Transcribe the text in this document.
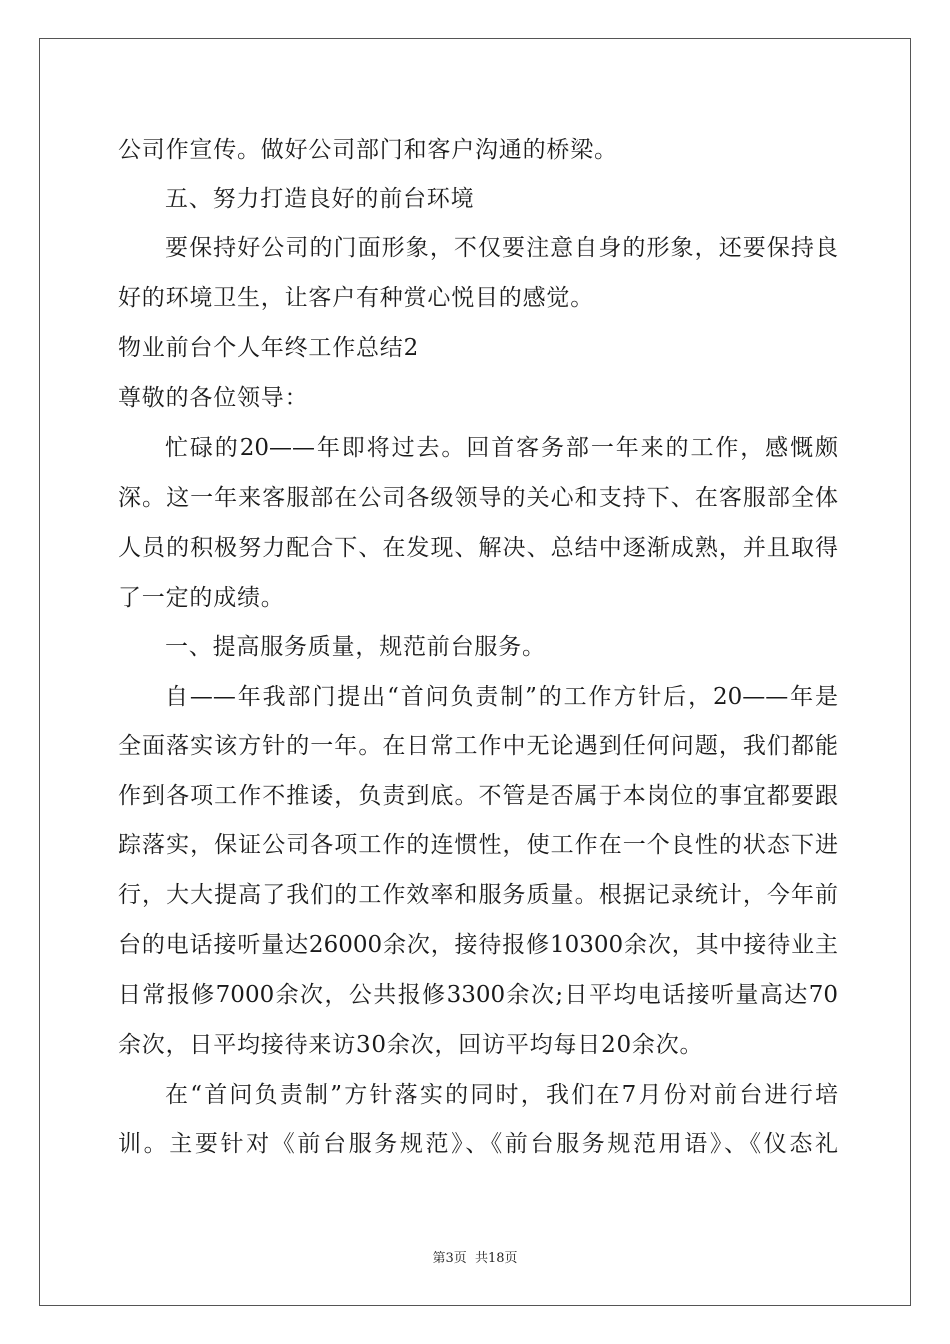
公司作宣传。做好公司部门和客户沟通的桥梁。
五、努力打造良好的前台环境
要保持好公司的门面形象，不仅要注意自身的形象，还要保持良
好的环境卫生，让客户有种赏心悦目的感觉。
物业前台个人年终工作总结2
尊敬的各位领导：
忙碌的20——年即将过去。回首客务部一年来的工作，感慨颇
深。这一年来客服部在公司各级领导的关心和支持下、在客服部全体
人员的积极努力配合下、在发现、解决、总结中逐渐成熟，并且取得
了一定的成绩。
一、提高服务质量，规范前台服务。
自——年我部门提出“首问负责制”的工作方针后，20——年是
全面落实该方针的一年。在日常工作中无论遇到任何问题，我们都能
作到各项工作不推诿，负责到底。不管是否属于本岗位的事宜都要跟
踪落实，保证公司各项工作的连惯性，使工作在一个良性的状态下进
行，大大提高了我们的工作效率和服务质量。根据记录统计，今年前
台的电话接听量达26000余次，接待报修10300余次，其中接待业主
日常报修7000余次，公共报修3300余次;日平均电话接听量高达70
余次，日平均接待来访30余次，回访平均每日20余次。
在“首问负责制”方针落实的同时，我们在7月份对前台进行培
训。主要针对《前台服务规范》、《前台服务规范用语》、《仪态礼
第3页 共18页
